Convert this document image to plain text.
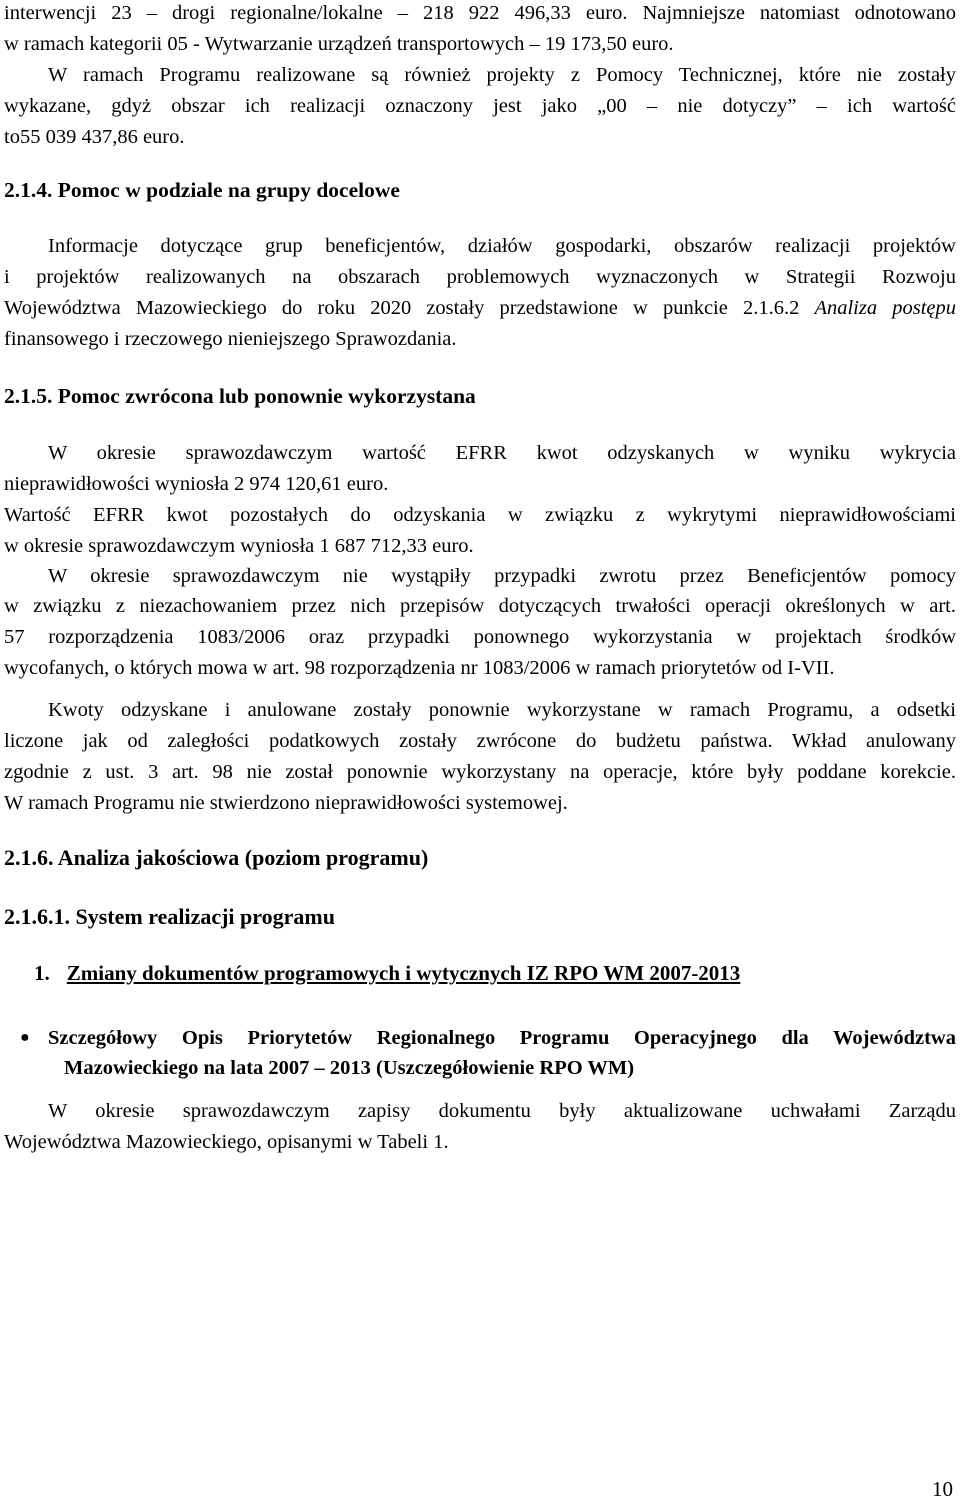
interwencji 23 – drogi regionalne/lokalne – 218 922 496,33 euro. Najmniejsze natomiast odnotowano
w ramach kategorii 05 - Wytwarzanie urządzeń transportowych – 19 173,50 euro.
W ramach Programu realizowane są również projekty z Pomocy Technicznej, które nie zostały
wykazane, gdyż obszar ich realizacji oznaczony jest jako „00 – nie dotyczy” – ich wartość
to55 039 437,86 euro.
2.1.4. Pomoc w podziale na grupy docelowe
Informacje dotyczące grup beneficjentów, działów gospodarki, obszarów realizacji projektów
i projektów realizowanych na obszarach problemowych wyznaczonych w Strategii Rozwoju
Województwa Mazowieckiego do roku 2020 zostały przedstawione w punkcie 2.1.6.2 Analiza postępu
finansowego i rzeczowego nieniejszego Sprawozdania.
2.1.5. Pomoc zwrócona lub ponownie wykorzystana
W okresie sprawozdawczym wartość EFRR kwot odzyskanych w wyniku wykrycia
nieprawidłowości wyniosła 2 974 120,61 euro.
Wartość EFRR kwot pozostałych do odzyskania w związku z wykrytymi nieprawidłowościami
w okresie sprawozdawczym wyniosła 1 687 712,33 euro.
W okresie sprawozdawczym nie wystąpiły przypadki zwrotu przez Beneficjentów pomocy
w związku z niezachowaniem przez nich przepisów dotyczących trwałości operacji określonych w art.
57 rozporządzenia 1083/2006 oraz przypadki ponownego wykorzystania w projektach środków
wycofanych, o których mowa w art. 98 rozporządzenia nr 1083/2006 w ramach priorytetów od I-VII.
Kwoty odzyskane i anulowane zostały ponownie wykorzystane w ramach Programu, a odsetki
liczone jak od zaległości podatkowych zostały zwrócone do budżetu państwa. Wkład anulowany
zgodnie z ust. 3 art. 98 nie został ponownie wykorzystany na operacje, które były poddane korekcie.
W ramach Programu nie stwierdzono nieprawidłowości systemowej.
2.1.6. Analiza jakościowa (poziom programu)
2.1.6.1. System realizacji programu
1. Zmiany dokumentów programowych i wytycznych IZ RPO WM 2007-2013
● Szczegółowy Opis Priorytetów Regionalnego Programu Operacyjnego dla Województwa
Mazowieckiego na lata 2007 – 2013 (Uszczegółowienie RPO WM)
W okresie sprawozdawczym zapisy dokumentu były aktualizowane uchwałami Zarządu
Województwa Mazowieckiego, opisanymi w Tabeli 1.
10
